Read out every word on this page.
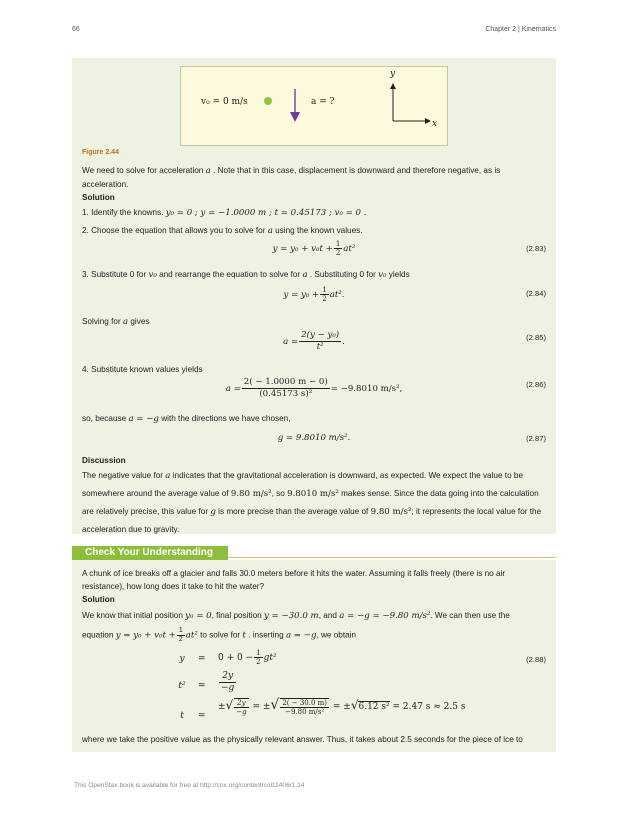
66	Chapter 2 | Kinematics
v₀ = 0 m/s	a = ?
y
x
Figure 2.44
We need to solve for acceleration a . Note that in this case, displacement is downward and therefore negative, as is acceleration.
Solution
1. Identify the knowns. y₀ = 0 ; y = −1.0000 m ; t = 0.45173 ; v₀ = 0 .
2. Choose the equation that allows you to solve for a using the known values.
$y = y_0 + v_0t + \frac{1}{2} at^2$	(2.83)
3. Substitute 0 for v₀ and rearrange the equation to solve for a . Substituting 0 for v₀ yields
$y = y_0 + \frac{1}{2} at^2$.	(2.84)
Solving for a gives
$a = \frac{\text{2(y − y₀)}}{\text{t²}}$ .	(2.85)
4. Substitute known values yields
$a = \frac{2( - 1.0000 m - 0)}{\text{(0.45173 s)²}} = -9.8010$ m/s²,	(2.86)
so, because a = −g with the directions we have chosen,
g = 9.8010 m/s².	(2.87)
Discussion
The negative value for a indicates that the gravitational acceleration is downward, as expected. We expect the value to be somewhere around the average value of 9.80 m/s², so 9.8010 m/s² makes sense. Since the data going into the calculation are relatively precise, this value for g is more precise than the average value of 9.80 m/s²; it represents the local value for the acceleration due to gravity.
Check Your Understanding
A chunk of ice breaks off a glacier and falls 30.0 meters before it hits the water. Assuming it falls freely (there is no air resistance), how long does it take to hit the water?
Solution
We know that initial position y₀ = 0, final position y = −30.0 m, and a = −g = −9.80 m/s². We can then use the
equation $y = y_0 + v_0t + \frac{1}{2} at^2$ to solve for t . inserting a = −g, we obtain
(2.88)
y	= $0 + 0 - \frac{1}{2} gt^2$
t²	= $\frac{2y}{-g}$
t	=
±√ $\frac{2y}{-g}$ = ±√ $\frac{2( - 30.0 m)}{\text{−9.80 m/s²}} = \pm√6.12$ s² = 2.47 s ≈ 2.5 s
where we take the positive value as the physically relevant answer. Thus, it takes about 2.5 seconds for the piece of ice to
This OpenStax book is available for free at http://cnx.org/content/col11406/1.14
